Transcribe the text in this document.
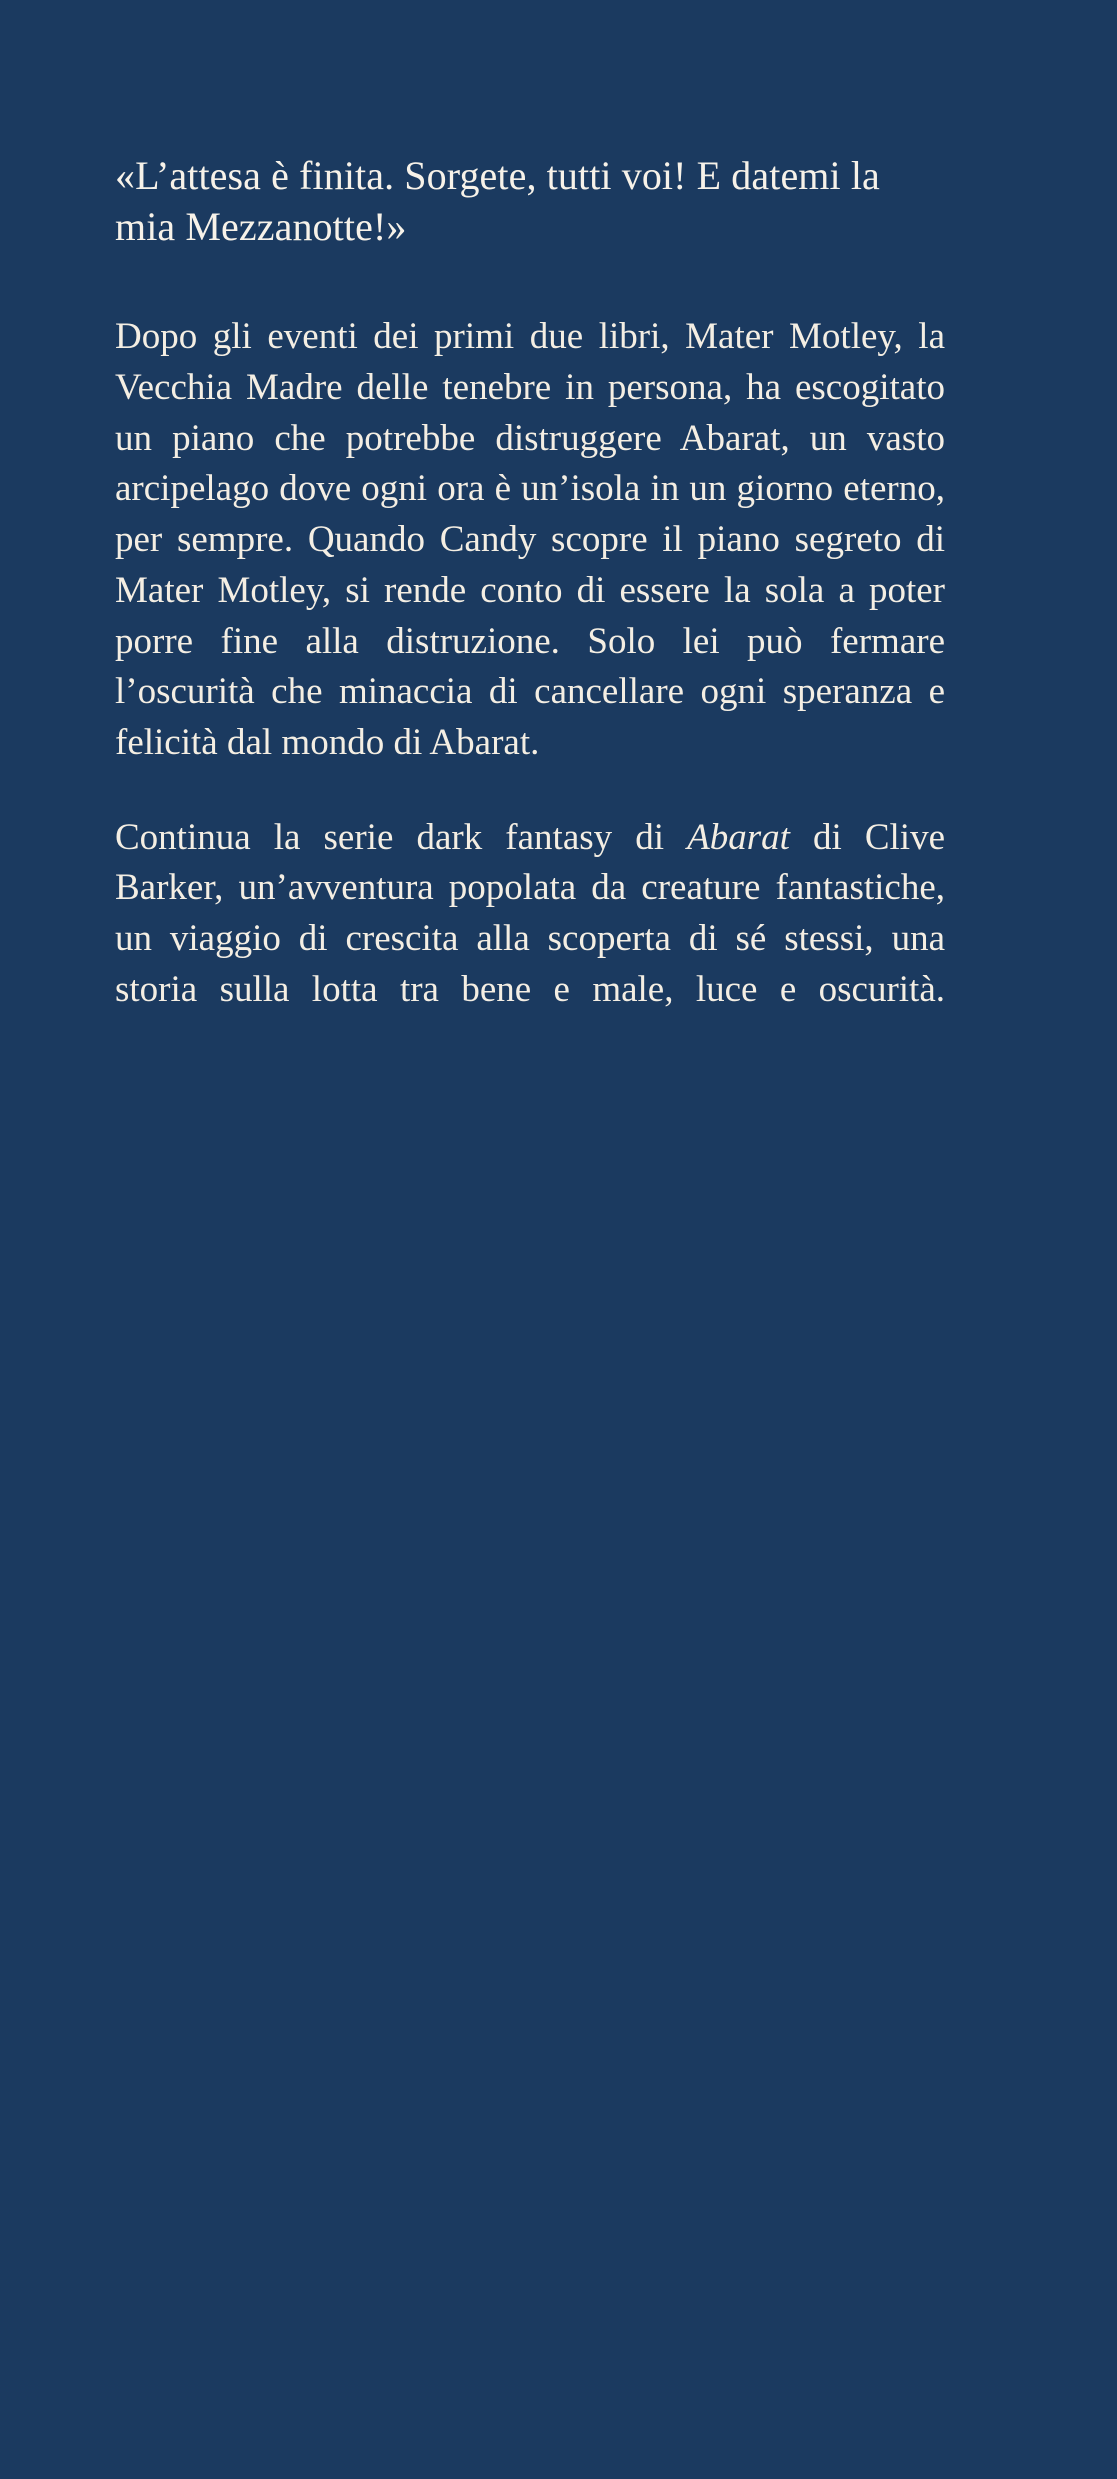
«L’attesa è finita. Sorgete, tutti voi! E datemi la mia Mezzanotte!»

Dopo gli eventi dei primi due libri, Mater Motley, la Vecchia Madre delle tenebre in persona, ha escogitato un piano che potrebbe distruggere Abarat, un vasto arcipelago dove ogni ora è un’isola in un giorno eterno, per sempre. Quando Candy scopre il piano segreto di Mater Motley, si rende conto di essere la sola a poter porre fine alla distruzione. Solo lei può fermare l’oscurità che minaccia di cancellare ogni speranza e felicità dal mondo di Abarat.

Continua la serie dark fantasy di Abarat di Clive Barker, un’avventura popolata da creature fantastiche, un viaggio di crescita alla scoperta di sé stessi, una storia sulla lotta tra bene e male, luce e oscurità.
